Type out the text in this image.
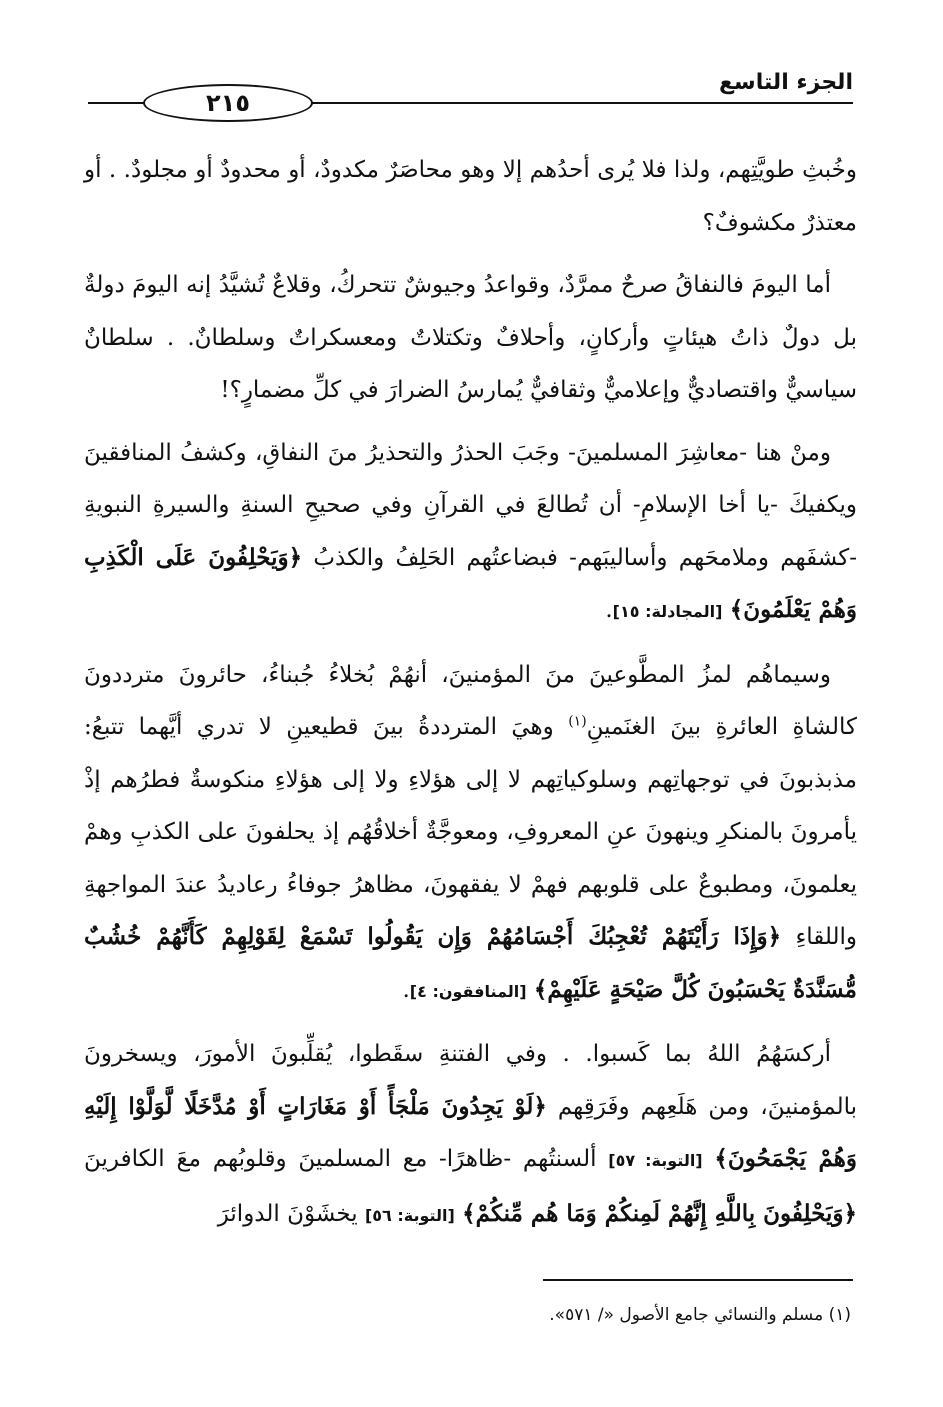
٢١٥
الجزء التاسع

وخُبثِ طويَّتِهم، ولذا فلا يُرى أحدُهم إلا وهو محاصَرٌ مكدودٌ، أو محدودٌ أو مجلودٌ. . أو معتذرٌ مكشوفٌ؟

أما اليومَ فالنفاقُ صرحٌ ممرَّدٌ، وقواعدُ وجيوشٌ تتحركُ، وقلاعٌ تُشيَّدُ إنه اليومَ دولةٌ بل دولٌ ذاتُ هيئاتٍ وأركانٍ، وأحلافٌ وتكتلاتٌ ومعسكراتٌ وسلطانٌ. . سلطانٌ سياسيٌّ واقتصاديٌّ وإعلاميٌّ وثقافيٌّ يُمارسُ الضرارَ في كلِّ مضمارٍ؟!

ومنْ هنا -معاشِرَ المسلمينَ- وجَبَ الحذرُ والتحذيرُ منَ النفاقِ، وكشفُ المنافقينَ ويكفيكَ -يا أخا الإسلامِ- أن تُطالعَ في القرآنِ وفي صحيحِ السنةِ والسيرةِ النبويةِ -كشفَهم وملامحَهم وأساليبَهم- فبضاعتُهم الحَلِفُ والكذبُ ﴿وَيَحْلِفُونَ عَلَى الْكَذِبِ وَهُمْ يَعْلَمُونَ﴾ [المجادلة: ١٥].

وسيماهُم لمزُ المطَّوعينَ منَ المؤمنينَ، أنهُمْ بُخلاءُ جُبناءُ، حائرونَ مترددونَ كالشاةِ العائرةِ بينَ الغنَمينِ$^{(١)}$ وهيَ المترددةُ بينَ قطيعينِ لا تدري أيَّهما تتبعُ: مذبذبونَ في توجهاتِهم وسلوكياتِهم لا إلى هؤلاءِ ولا إلى هؤلاءِ منكوسةٌ فطرُهم إذْ يأمرونَ بالمنكرِ وينهونَ عنِ المعروفِ، ومعوجَّةٌ أخلاقُهُم إذ يحلفونَ على الكذبِ وهمْ يعلمونَ، ومطبوعٌ على قلوبهم فهمْ لا يفقهونَ، مظاهرُ جوفاءُ رعاديدُ عندَ المواجهةِ واللقاءِ ﴿وَإِذَا رَأَيْتَهُمْ تُعْجِبُكَ أَجْسَامُهُمْ وَإِن يَقُولُوا تَسْمَعْ لِقَوْلِهِمْ كَأَنَّهُمْ خُشُبٌ مُّسَنَّدَةٌ يَحْسَبُونَ كُلَّ صَيْحَةٍ عَلَيْهِمْ﴾ [المنافقون: ٤].

أركسَهُمُ اللهُ بما كَسبوا. . وفي الفتنةِ سقَطوا، يُقلِّبونَ الأمورَ، ويسخرونَ بالمؤمنينَ، ومن هَلَعِهم وفَرَقِهم ﴿لَوْ يَجِدُونَ مَلْجَأً أَوْ مَغَارَاتٍ أَوْ مُدَّخَلًا لَّوَلَّوْا إِلَيْهِ وَهُمْ يَجْمَحُونَ﴾ [التوبة: ٥٧] ألسنتُهم -ظاهرًا- مع المسلمينَ وقلوبُهم معَ الكافرينَ ﴿وَيَحْلِفُونَ بِاللَّهِ إِنَّهُمْ لَمِنكُمْ وَمَا هُم مِّنكُمْ﴾ [التوبة: ٥٦] يخشَوْنَ الدوائرَ

(١) مسلم والنسائي جامع الأصول «/ ٥٧١».
